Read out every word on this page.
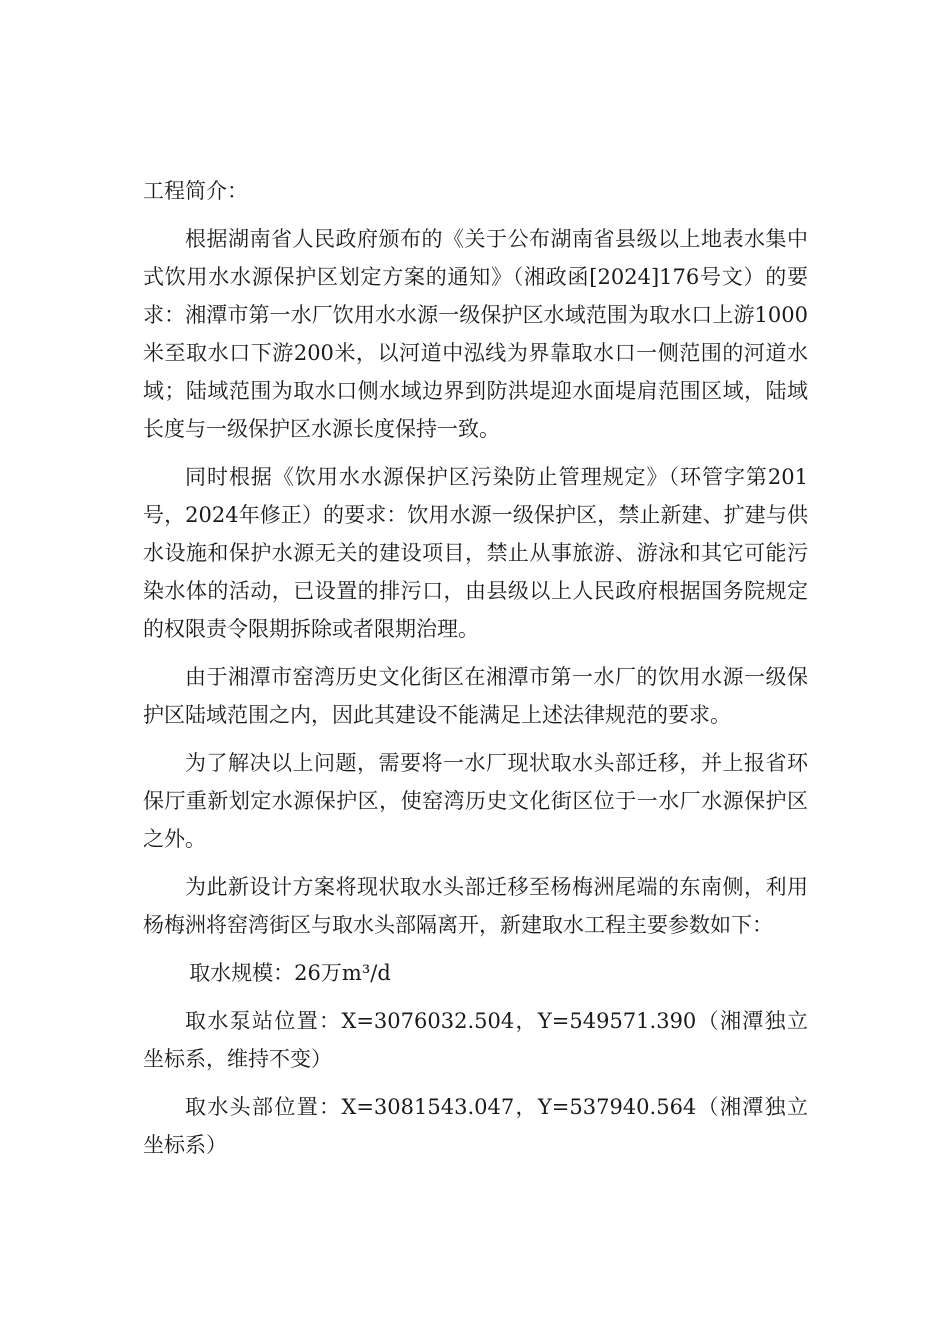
工程简介：

根据湖南省人民政府颁布的《关于公布湖南省县级以上地表水集中式饮用水水源保护区划定方案的通知》（湘政函[2024]176号文）的要求：湘潭市第一水厂饮用水水源一级保护区水域范围为取水口上游1000米至取水口下游200米，以河道中泓线为界靠取水口一侧范围的河道水域；陆域范围为取水口侧水域边界到防洪堤迎水面堤肩范围区域，陆域长度与一级保护区水源长度保持一致。

同时根据《饮用水水源保护区污染防止管理规定》（环管字第201号，2024年修正）的要求：饮用水源一级保护区，禁止新建、扩建与供水设施和保护水源无关的建设项目，禁止从事旅游、游泳和其它可能污染水体的活动，已设置的排污口，由县级以上人民政府根据国务院规定的权限责令限期拆除或者限期治理。

由于湘潭市窑湾历史文化街区在湘潭市第一水厂的饮用水源一级保护区陆域范围之内，因此其建设不能满足上述法律规范的要求。

为了解决以上问题，需要将一水厂现状取水头部迁移，并上报省环保厅重新划定水源保护区，使窑湾历史文化街区位于一水厂水源保护区之外。

为此新设计方案将现状取水头部迁移至杨梅洲尾端的东南侧，利用杨梅洲将窑湾街区与取水头部隔离开，新建取水工程主要参数如下：

取水规模：26万m³/d

取水泵站位置：X=3076032.504，Y=549571.390（湘潭独立坐标系，维持不变）

取水头部位置：X=3081543.047，Y=537940.564（湘潭独立坐标系）
